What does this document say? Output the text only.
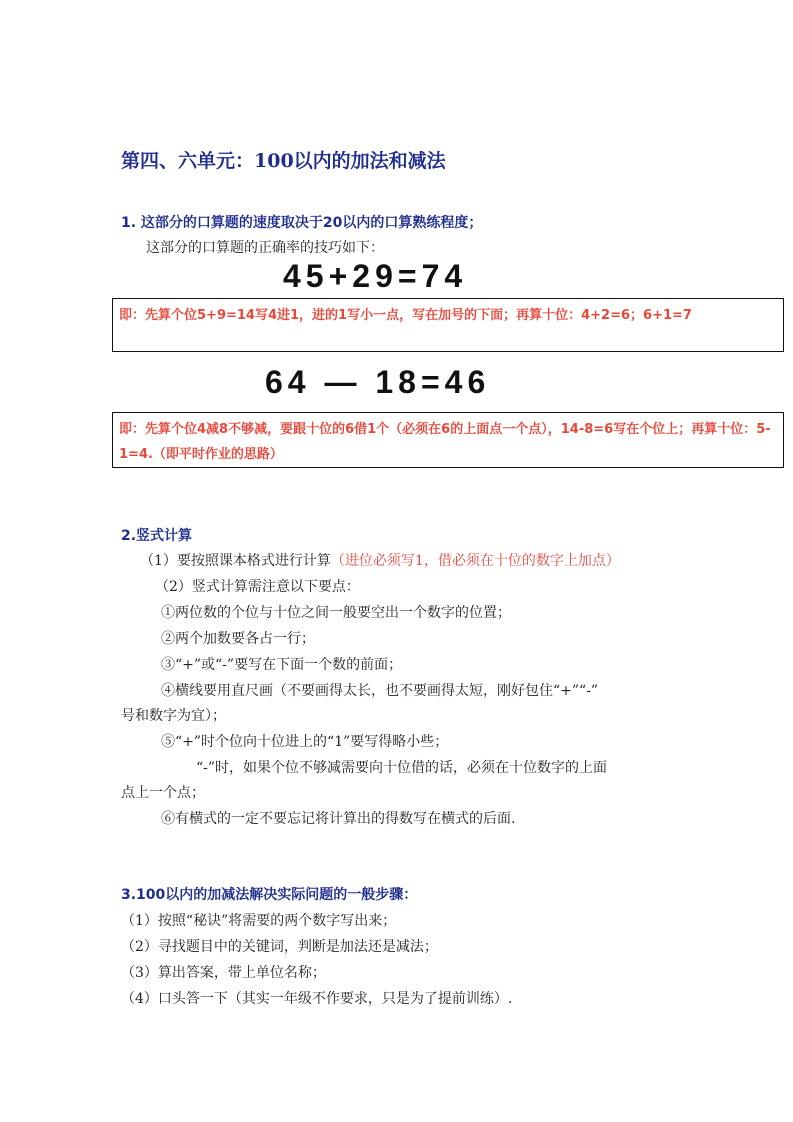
第四、六单元：100以内的加法和减法
1. 这部分的口算题的速度取决于20以内的口算熟练程度；
这部分的口算题的正确率的技巧如下：
45+29=74
即：先算个位5+9=14写4进1，进的1写小一点，写在加号的下面；再算十位：4+2=6；6+1=7
64 — 18=46
即：先算个位4减8不够减，要跟十位的6借1个（必须在6的上面点一个点），14-8=6写在个位上；再算十位：5-1=4.（即平时作业的思路）
2.竖式计算
（1）要按照课本格式进行计算（进位必须写1，借必须在十位的数字上加点）
（2）竖式计算需注意以下要点：
①两位数的个位与十位之间一般要空出一个数字的位置；
②两个加数要各占一行；
③“+”或“-”要写在下面一个数的前面；
④横线要用直尺画（不要画得太长，也不要画得太短，刚好包住“+”“-”
号和数字为宜）；
⑤“+”时个位向十位进上的“1”要写得略小些；
“-”时，如果个位不够减需要向十位借的话，必须在十位数字的上面
点上一个点；
⑥有横式的一定不要忘记将计算出的得数写在横式的后面.
3.100以内的加减法解决实际问题的一般步骤：
（1）按照“秘诀”将需要的两个数字写出来；
（2）寻找题目中的关键词，判断是加法还是减法；
（3）算出答案，带上单位名称；
（4）口头答一下（其实一年级不作要求，只是为了提前训练）.
